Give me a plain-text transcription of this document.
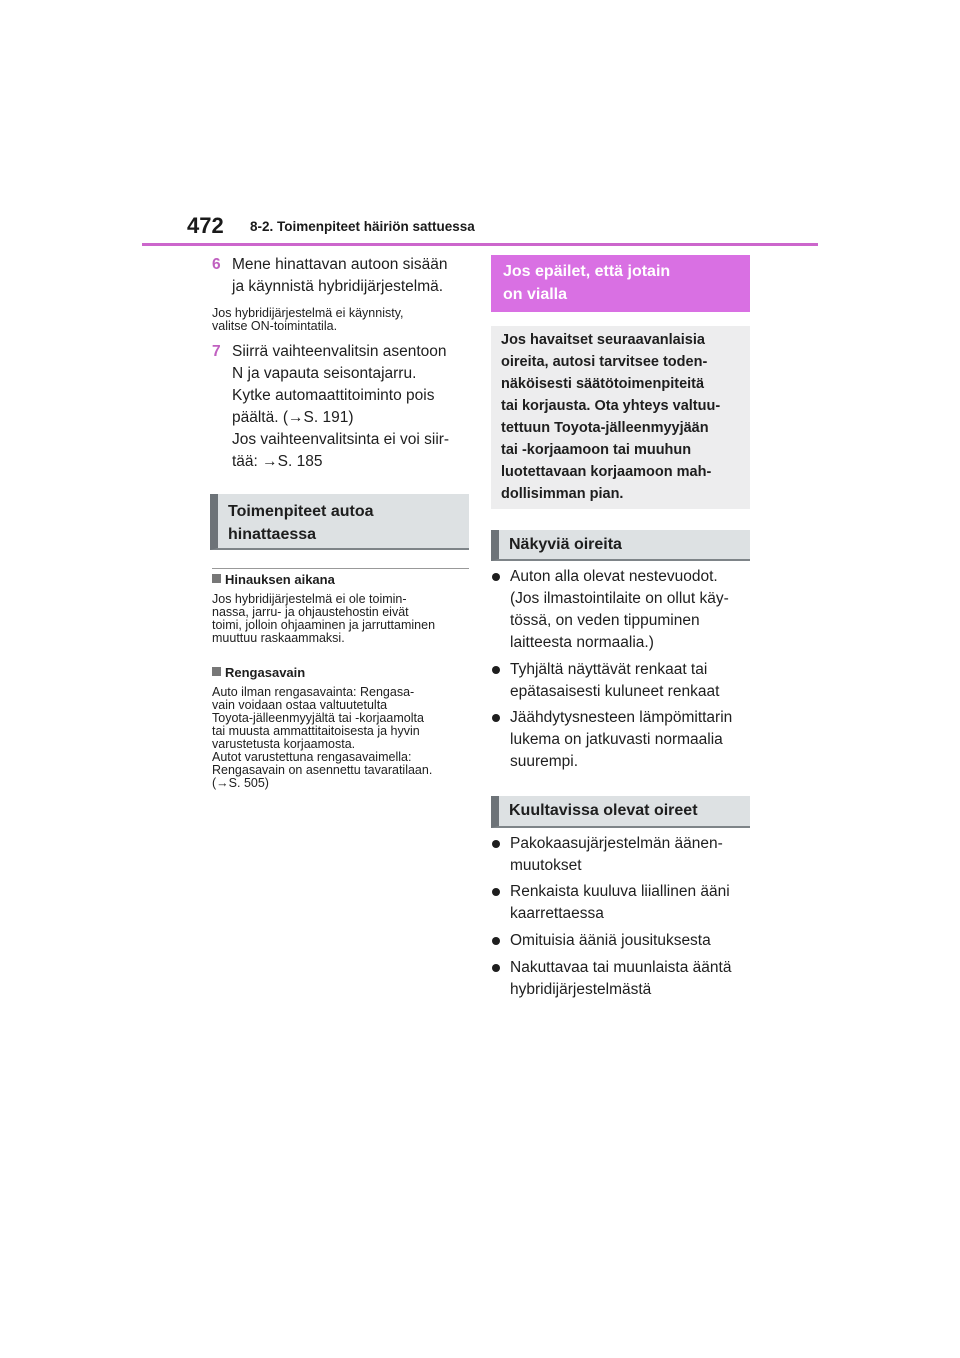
472 8-2. Toimenpiteet häiriön sattuessa
6 Mene hinattavan autoon sisään
ja käynnistä hybridijärjestelmä.
Jos hybridijärjestelmä ei käynnisty,
valitse ON-toimintatila.
7 Siirrä vaihteenvalitsin asentoon
N ja vapauta seisontajarru.
Kytke automaattitoiminto pois
päältä. (→S. 191)
Jos vaihteenvalitsinta ei voi siir-
tää: →S. 185
Toimenpiteet autoa
hinattaessa
Hinauksen aikana
Jos hybridijärjestelmä ei ole toimin-
nassa, jarru- ja ohjaustehostin eivät
toimi, jolloin ohjaaminen ja jarruttaminen
muuttuu raskaammaksi.
Rengasavain
Auto ilman rengasavainta: Rengasa-
vain voidaan ostaa valtuutetulta
Toyota-jälleenmyyjältä tai -korjaamolta
tai muusta ammattitaitoisesta ja hyvin
varustetusta korjaamosta.
Autot varustettuna rengasavaimella:
Rengasavain on asennettu tavaratilaan.
(→S. 505)
Jos epäilet, että jotain
on vialla
Jos havaitset seuraavanlaisia
oireita, autosi tarvitsee toden-
näköisesti säätötoimenpiteitä
tai korjausta. Ota yhteys valtuu-
tettuun Toyota-jälleenmyyjään
tai -korjaamoon tai muuhun
luotettavaan korjaamoon mah-
dollisimman pian.
Näkyviä oireita
Auton alla olevat nestevuodot.
(Jos ilmastointilaite on ollut käy-
tössä, on veden tippuminen
laitteesta normaalia.)
Tyhjältä näyttävät renkaat tai
epätasaisesti kuluneet renkaat
Jäähdytysnesteen lämpömittarin
lukema on jatkuvasti normaalia
suurempi.
Kuultavissa olevat oireet
Pakokaasujärjestelmän äänen-
muutokset
Renkaista kuuluva liiallinen ääni
kaarrettaessa
Omituisia ääniä jousituksesta
Nakuttavaa tai muunlaista ääntä
hybridijärjestelmästä
